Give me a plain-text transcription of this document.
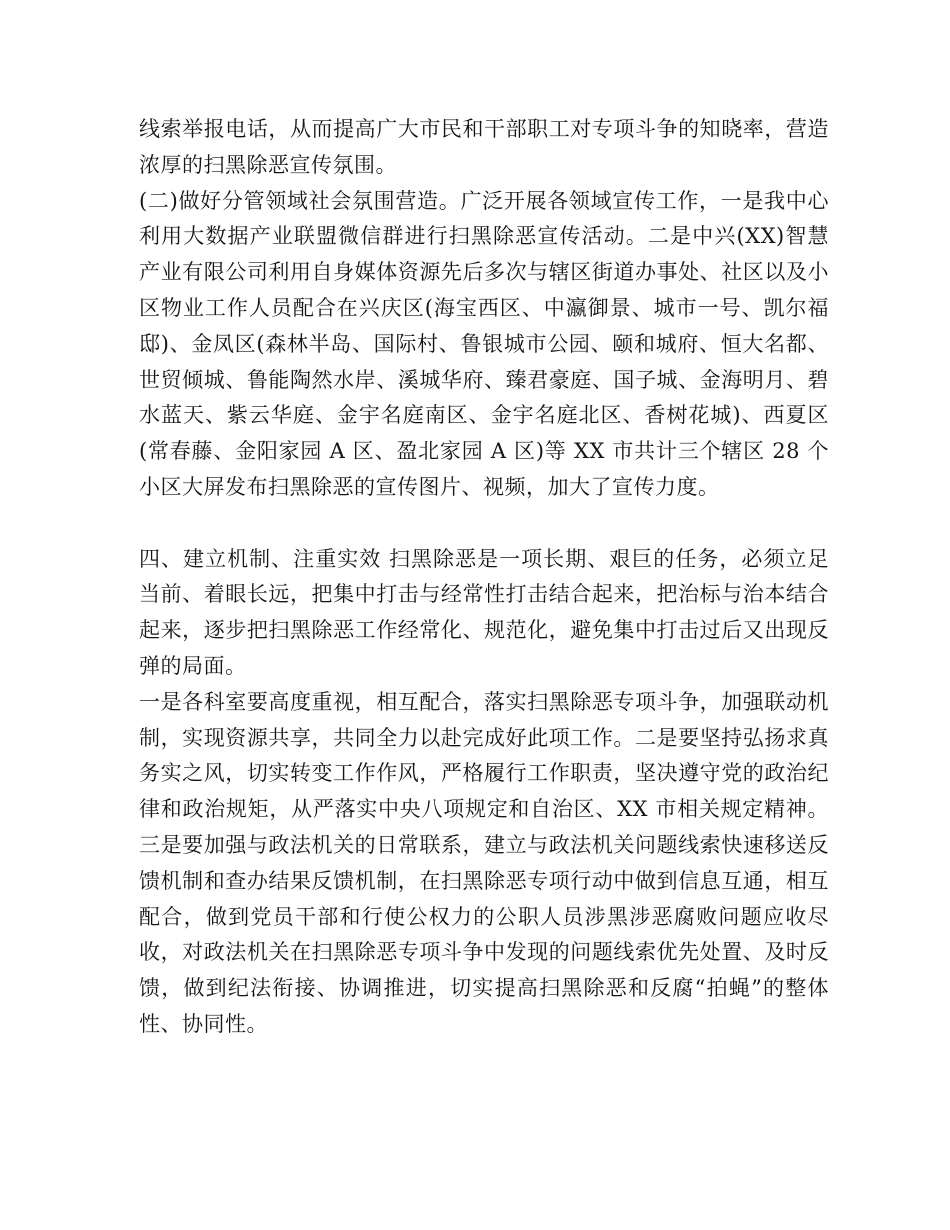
线索举报电话，从而提高广大市民和干部职工对专项斗争的知晓率，营造浓厚的扫黑除恶宣传氛围。

(二)做好分管领域社会氛围营造。广泛开展各领域宣传工作，一是我中心利用大数据产业联盟微信群进行扫黑除恶宣传活动。二是中兴(XX)智慧产业有限公司利用自身媒体资源先后多次与辖区街道办事处、社区以及小区物业工作人员配合在兴庆区(海宝西区、中瀛御景、城市一号、凯尔福邸)、金凤区(森林半岛、国际村、鲁银城市公园、颐和城府、恒大名都、世贸倾城、鲁能陶然水岸、溪城华府、臻君豪庭、国子城、金海明月、碧水蓝天、紫云华庭、金宇名庭南区、金宇名庭北区、香树花城)、西夏区(常春藤、金阳家园 A 区、盈北家园 A 区)等 XX 市共计三个辖区 28 个小区大屏发布扫黑除恶的宣传图片、视频，加大了宣传力度。

四、建立机制、注重实效 扫黑除恶是一项长期、艰巨的任务，必须立足当前、着眼长远，把集中打击与经常性打击结合起来，把治标与治本结合起来，逐步把扫黑除恶工作经常化、规范化，避免集中打击过后又出现反弹的局面。

一是各科室要高度重视，相互配合，落实扫黑除恶专项斗争，加强联动机制，实现资源共享，共同全力以赴完成好此项工作。二是要坚持弘扬求真务实之风，切实转变工作作风，严格履行工作职责，坚决遵守党的政治纪律和政治规矩，从严落实中央八项规定和自治区、XX 市相关规定精神。三是要加强与政法机关的日常联系，建立与政法机关问题线索快速移送反馈机制和查办结果反馈机制，在扫黑除恶专项行动中做到信息互通，相互配合，做到党员干部和行使公权力的公职人员涉黑涉恶腐败问题应收尽收，对政法机关在扫黑除恶专项斗争中发现的问题线索优先处置、及时反馈，做到纪法衔接、协调推进，切实提高扫黑除恶和反腐“拍蝇”的整体性、协同性。
